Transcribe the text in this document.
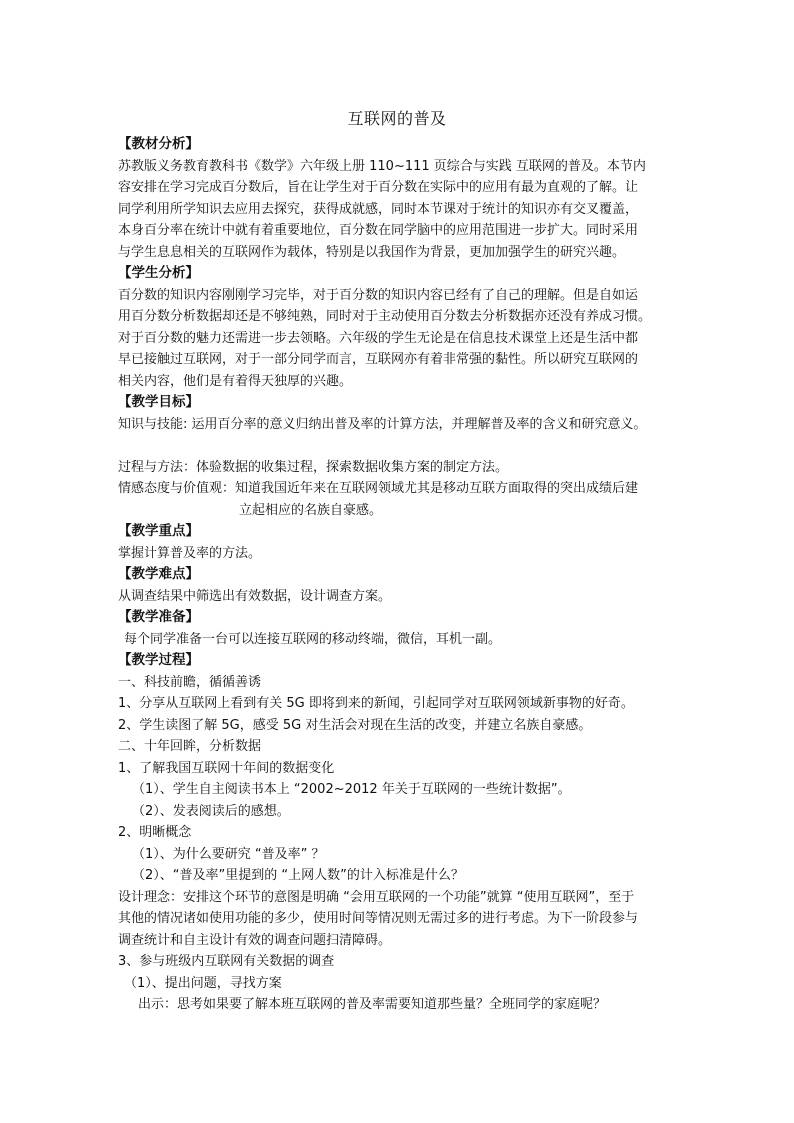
互联网的普及
【教材分析】
苏教版义务教育教科书《数学》六年级上册 110~111 页综合与实践 互联网的普及。本节内
容安排在学习完成百分数后，旨在让学生对于百分数在实际中的应用有最为直观的了解。让
同学利用所学知识去应用去探究，获得成就感，同时本节课对于统计的知识亦有交叉覆盖，
本身百分率在统计中就有着重要地位，百分数在同学脑中的应用范围进一步扩大。同时采用
与学生息息相关的互联网作为载体，特别是以我国作为背景，更加加强学生的研究兴趣。
【学生分析】
百分数的知识内容刚刚学习完毕，对于百分数的知识内容已经有了自己的理解。但是自如运
用百分数分析数据却还是不够纯熟，同时对于主动使用百分数去分析数据亦还没有养成习惯。
对于百分数的魅力还需进一步去领略。六年级的学生无论是在信息技术课堂上还是生活中都
早已接触过互联网，对于一部分同学而言，互联网亦有着非常强的黏性。所以研究互联网的
相关内容，他们是有着得天独厚的兴趣。
【教学目标】
知识与技能: 运用百分率的意义归纳出普及率的计算方法，并理解普及率的含义和研究意义。
过程与方法：体验数据的收集过程，探索数据收集方案的制定方法。
情感态度与价值观：知道我国近年来在互联网领域尤其是移动互联方面取得的突出成绩后建
立起相应的名族自豪感。
【教学重点】
掌握计算普及率的方法。
【教学难点】
从调查结果中筛选出有效数据，设计调查方案。
【教学准备】
每个同学准备一台可以连接互联网的移动终端，微信，耳机一副。
【教学过程】
一、科技前瞻，循循善诱
1、分享从互联网上看到有关 5G 即将到来的新闻，引起同学对互联网领域新事物的好奇。
2、学生读图了解 5G，感受 5G 对生活会对现在生活的改变，并建立名族自豪感。
二、十年回眸，分析数据
1、了解我国互联网十年间的数据变化
（1）、学生自主阅读书本上 “2002~2012 年关于互联网的一些统计数据”。
（2）、发表阅读后的感想。
2、明晰概念
（1）、为什么要研究 “普及率” ？
（2）、“普及率”里提到的 “上网人数”的计入标准是什么？
设计理念：安排这个环节的意图是明确 “会用互联网的一个功能”就算 “使用互联网”，至于
其他的情况诸如使用功能的多少，使用时间等情况则无需过多的进行考虑。为下一阶段参与
调查统计和自主设计有效的调查问题扫清障碍。
3、参与班级内互联网有关数据的调查
（1）、提出问题，寻找方案
出示：思考如果要了解本班互联网的普及率需要知道那些量？全班同学的家庭呢？
